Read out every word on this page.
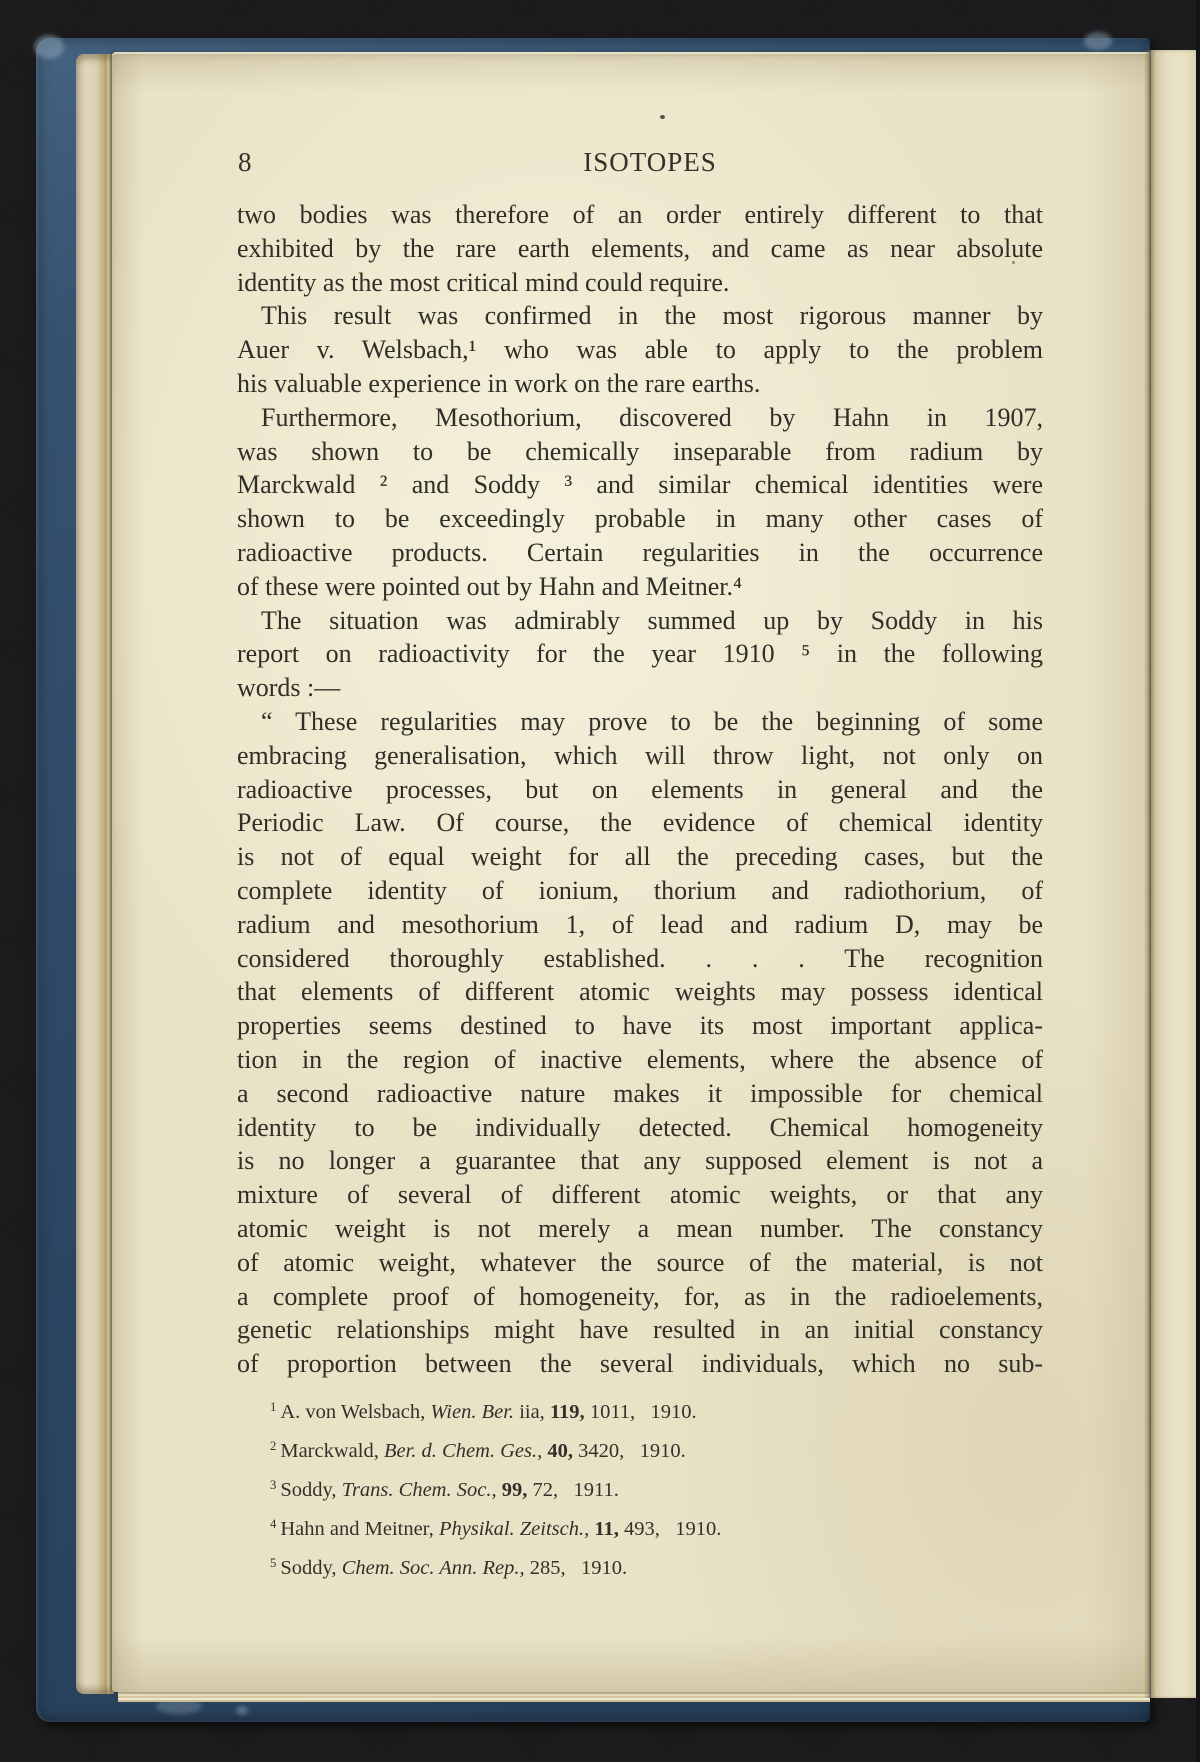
8	ISOTOPES
two bodies was therefore of an order entirely different to that
exhibited by the rare earth elements, and came as near absolute
identity as the most critical mind could require.
This result was confirmed in the most rigorous manner by
Auer v. Welsbach,¹ who was able to apply to the problem
his valuable experience in work on the rare earths.
Furthermore, Mesothorium, discovered by Hahn in 1907,
was shown to be chemically inseparable from radium by
Marckwald ² and Soddy ³ and similar chemical identities were
shown to be exceedingly probable in many other cases of
radioactive products. Certain regularities in the occurrence
of these were pointed out by Hahn and Meitner.⁴
The situation was admirably summed up by Soddy in his
report on radioactivity for the year 1910 ⁵ in the following
words :—
“ These regularities may prove to be the beginning of some
embracing generalisation, which will throw light, not only on
radioactive processes, but on elements in general and the
Periodic Law. Of course, the evidence of chemical identity
is not of equal weight for all the preceding cases, but the
complete identity of ionium, thorium and radiothorium, of
radium and mesothorium 1, of lead and radium D, may be
considered thoroughly established. . . . The recognition
that elements of different atomic weights may possess identical
properties seems destined to have its most important applica-
tion in the region of inactive elements, where the absence of
a second radioactive nature makes it impossible for chemical
identity to be individually detected. Chemical homogeneity
is no longer a guarantee that any supposed element is not a
mixture of several of different atomic weights, or that any
atomic weight is not merely a mean number. The constancy
of atomic weight, whatever the source of the material, is not
a complete proof of homogeneity, for, as in the radioelements,
genetic relationships might have resulted in an initial constancy
of proportion between the several individuals, which no sub-
$^1$ A. von Welsbach, Wien. Ber. iia, 119, 1011,   1910.
$^2$ Marckwald, Ber. d. Chem. Ges., 40, 3420,   1910.
$^3$ Soddy, Trans. Chem. Soc., 99, 72,   1911.
$^4$ Hahn and Meitner, Physikal. Zeitsch., 11, 493,   1910.
$^5$ Soddy, Chem. Soc. Ann. Rep., 285,   1910.
